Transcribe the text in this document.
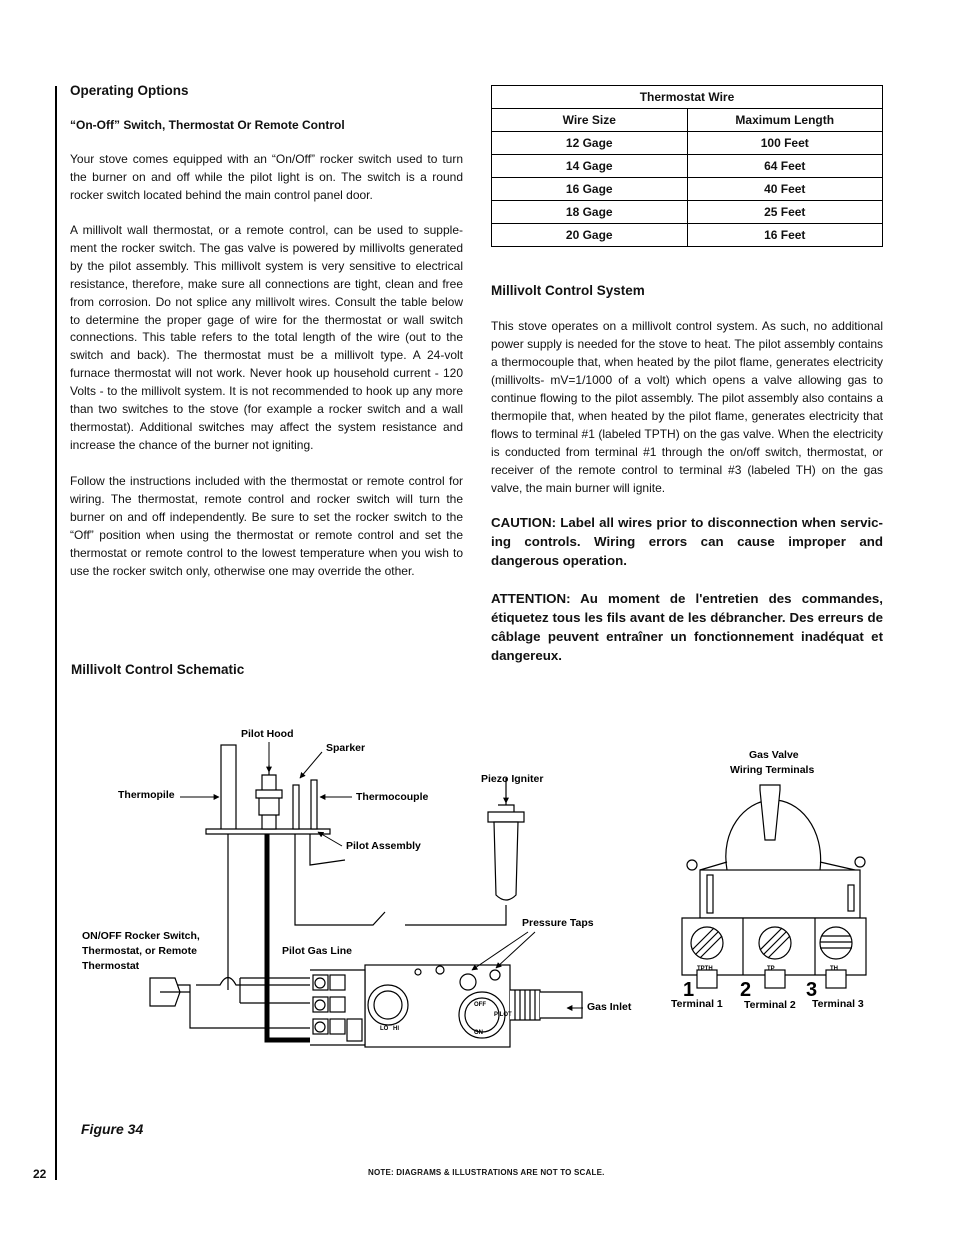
Operating Options
“On-Off” Switch, Thermostat Or Remote Control

Your stove comes equipped with an “On/Off” rocker switch used to turn the burner on and off while the pilot light is on. The switch is a round rocker switch located behind the main control panel door.

A millivolt wall thermostat, or a remote control, can be used to supple-ment the rocker switch. The gas valve is powered by millivolts generated by the pilot assembly. This millivolt system is very sensitive to electrical resistance, therefore, make sure all connections are tight, clean and free from corrosion. Do not splice any millivolt wires. Consult the table below to determine the proper gage of wire for the thermostat or wall switch connections. This table refers to the total length of the wire (out to the switch and back). The thermostat must be a millivolt type. A 24-volt furnace thermostat will not work. Never hook up household current - 120 Volts - to the millivolt system. It is not recommended to hook up any more than two switches to the stove (for example a rocker switch and a wall thermostat). Additional switches may affect the system resistance and increase the chance of the burner not igniting.

Follow the instructions included with the thermostat or remote control for wiring. The thermostat, remote control and rocker switch will turn the burner on and off independently. Be sure to set the rocker switch to the “Off” position when using the thermostat or remote control and set the thermostat or remote control to the lowest temperature when you wish to use the rocker switch only, otherwise one may override the other.

Millivolt Control Schematic
Thermostat Wire	
Wire Size	Maximum Length
12 Gage	100 Feet
14 Gage	64 Feet
16 Gage	40 Feet
18 Gage	25 Feet
20 Gage	16 Feet
Millivolt Control System

This stove operates on a millivolt control system. As such, no additional power supply is needed for the stove to heat. The pilot assembly contains a thermocouple that, when heated by the pilot flame, generates electricity (millivolts- mV=1/1000 of a volt) which opens a valve allowing gas to continue flowing to the pilot assembly. The pilot assembly also contains a thermopile that, when heated by the pilot flame, generates electricity that flows to terminal #1 (labeled TPTH) on the gas valve. When the electricity is conducted from terminal #1 through the on/off switch, thermostat, or receiver of the remote control to terminal #3 (labeled TH) on the gas valve, the main burner will ignite.

CAUTION: Label all wires prior to disconnection when servic-ing controls. Wiring errors can cause improper and dangerous operation.

ATTENTION: Au moment de l'entretien des commandes, étiquetez tous les fils avant de les débrancher. Des erreurs de câblage peuvent entraîner un fonctionnement inadéquat et dangereux.

Pilot Hood
Sparker
Thermopile	Thermocouple
Pilot Assembly
Piezo Igniter
Pressure Taps
ON/OFF Rocker Switch,
Thermostat, or Remote
Thermostat
Pilot Gas Line
Gas Inlet
LO HI
OFF
ON
PILOT
Gas Valve
Wiring Terminals
Terminal 1 Terminal 2 Terminal 3
TPTH	TP	TH
1 2	3
Figure 34
22	NOTE: DIAGRAMS & ILLUSTRATIONS ARE NOT TO SCALE.
